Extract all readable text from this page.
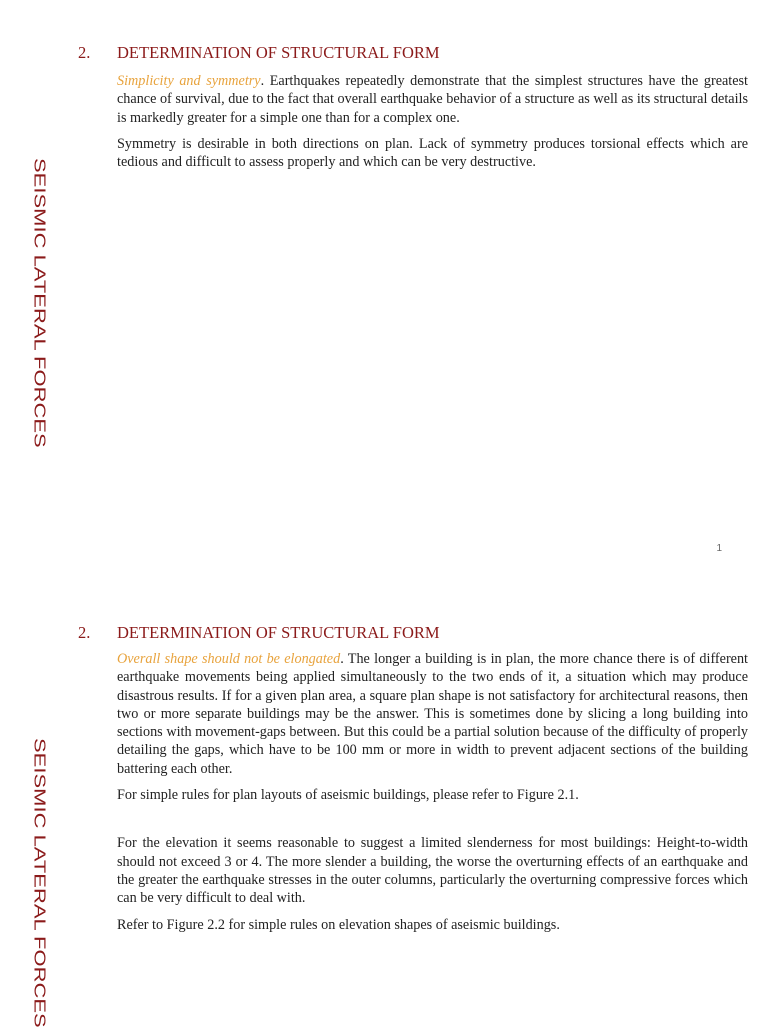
SEISMIC LATERAL FORCES
2. DETERMINATION OF STRUCTURAL FORM

Simplicity and symmetry. Earthquakes repeatedly demonstrate that the simplest structures have the greatest chance of survival, due to the fact that overall earthquake behavior of a structure as well as its structural details is markedly greater for a simple one than for a complex one.

Symmetry is desirable in both directions on plan. Lack of symmetry produces torsional effects which are tedious and difficult to assess properly and which can be very destructive.

1
SEISMIC LATERAL FORCES
2. DETERMINATION OF STRUCTURAL FORM

Overall shape should not be elongated. The longer a building is in plan, the more chance there is of different earthquake movements being applied simultaneously to the two ends of it, a situation which may produce disastrous results. If for a given plan area, a square plan shape is not satisfactory for architectural reasons, then two or more separate buildings may be the answer. This is sometimes done by slicing a long building into sections with movement-gaps between. But this could be a partial solution because of the difficulty of properly detailing the gaps, which have to be 100 mm or more in width to prevent adjacent sections of the building battering each other.

For simple rules for plan layouts of aseismic buildings, please refer to Figure 2.1.

For the elevation it seems reasonable to suggest a limited slenderness for most buildings: Height-to-width should not exceed 3 or 4. The more slender a building, the worse the overturning effects of an earthquake and the greater the earthquake stresses in the outer columns, particularly the overturning compressive forces which can be very difficult to deal with.

Refer to Figure 2.2 for simple rules on elevation shapes of aseismic buildings.
